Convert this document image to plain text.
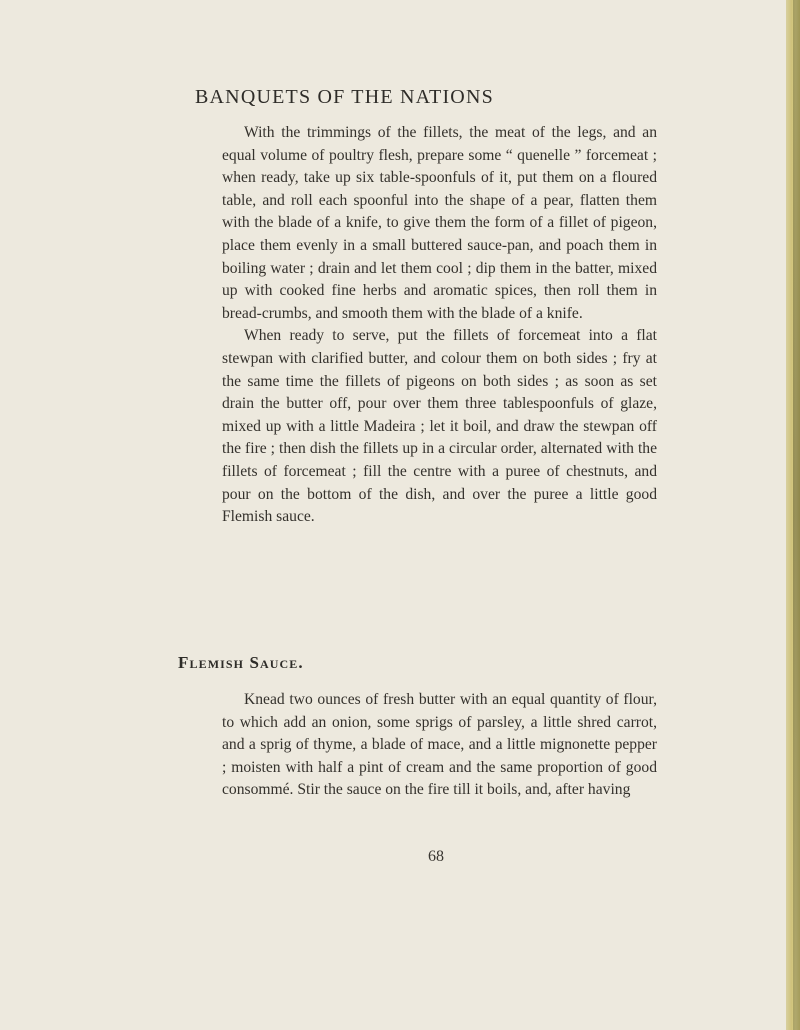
BANQUETS OF THE NATIONS

With the trimmings of the fillets, the meat of the legs, and an equal volume of poultry flesh, prepare some “ quenelle ” forcemeat ; when ready, take up six table-spoonfuls of it, put them on a floured table, and roll each spoonful into the shape of a pear, flatten them with the blade of a knife, to give them the form of a fillet of pigeon, place them evenly in a small buttered sauce-pan, and poach them in boiling water ; drain and let them cool ; dip them in the batter, mixed up with cooked fine herbs and aromatic spices, then roll them in bread-crumbs, and smooth them with the blade of a knife.

When ready to serve, put the fillets of forcemeat into a flat stewpan with clarified butter, and colour them on both sides ; fry at the same time the fillets of pigeons on both sides ; as soon as set drain the butter off, pour over them three tablespoonfuls of glaze, mixed up with a little Madeira ; let it boil, and draw the stewpan off the fire ; then dish the fillets up in a circular order, alternated with the fillets of forcemeat ; fill the centre with a puree of chestnuts, and pour on the bottom of the dish, and over the puree a little good Flemish sauce.

Flemish Sauce.

Knead two ounces of fresh butter with an equal quantity of flour, to which add an onion, some sprigs of parsley, a little shred carrot, and a sprig of thyme, a blade of mace, and a little mignonette pepper ; moisten with half a pint of cream and the same proportion of good consommé. Stir the sauce on the fire till it boils, and, after having

68
